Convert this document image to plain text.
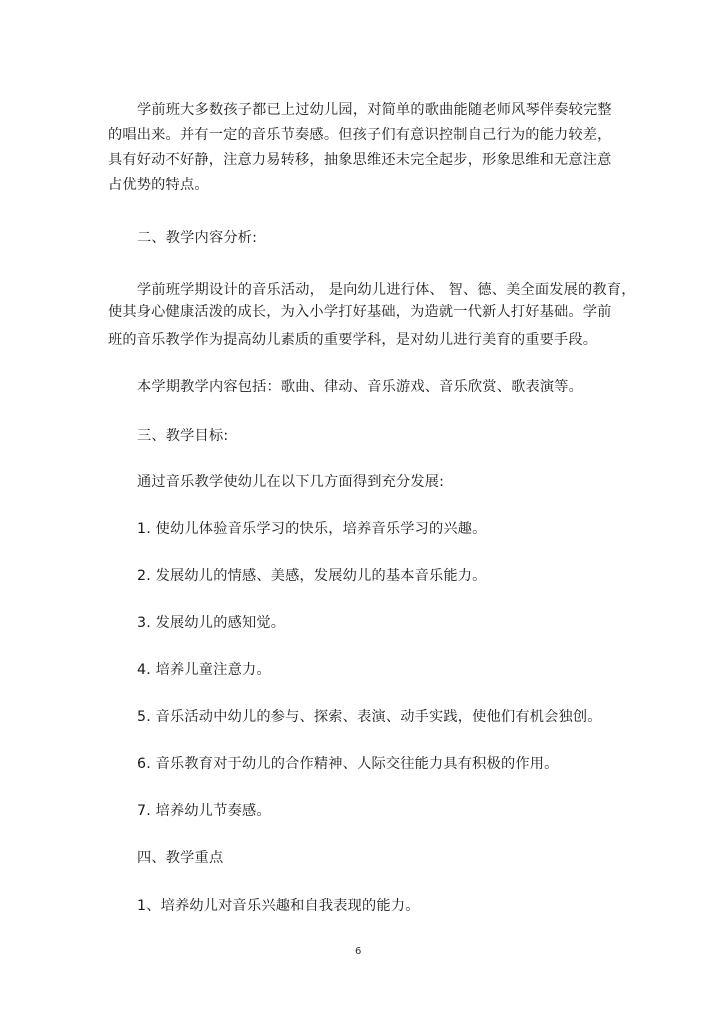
学前班大多数孩子都已上过幼儿园，对简单的歌曲能随老师风琴伴奏较完整
的唱出来。并有一定的音乐节奏感。但孩子们有意识控制自己行为的能力较差，
具有好动不好静，注意力易转移，抽象思维还未完全起步，形象思维和无意注意
占优势的特点。
二、教学内容分析:
学前班学期设计的音乐活动， 是向幼儿进行体、 智、德、美全面发展的教育，
使其身心健康活泼的成长，为入小学打好基础，为造就一代新人打好基础。学前
班的音乐教学作为提高幼儿素质的重要学科，是对幼儿进行美育的重要手段。
本学期教学内容包括：歌曲、律动、音乐游戏、音乐欣赏、歌表演等。
三、教学目标:
通过音乐教学使幼儿在以下几方面得到充分发展:
1. 使幼儿体验音乐学习的快乐，培养音乐学习的兴趣。
2. 发展幼儿的情感、美感，发展幼儿的基本音乐能力。
3. 发展幼儿的感知觉。
4. 培养儿童注意力。
5. 音乐活动中幼儿的参与、探索、表演、动手实践，使他们有机会独创。
6. 音乐教育对于幼儿的合作精神、人际交往能力具有积极的作用。
7. 培养幼儿节奏感。
四、教学重点
1、培养幼儿对音乐兴趣和自我表现的能力。
6
